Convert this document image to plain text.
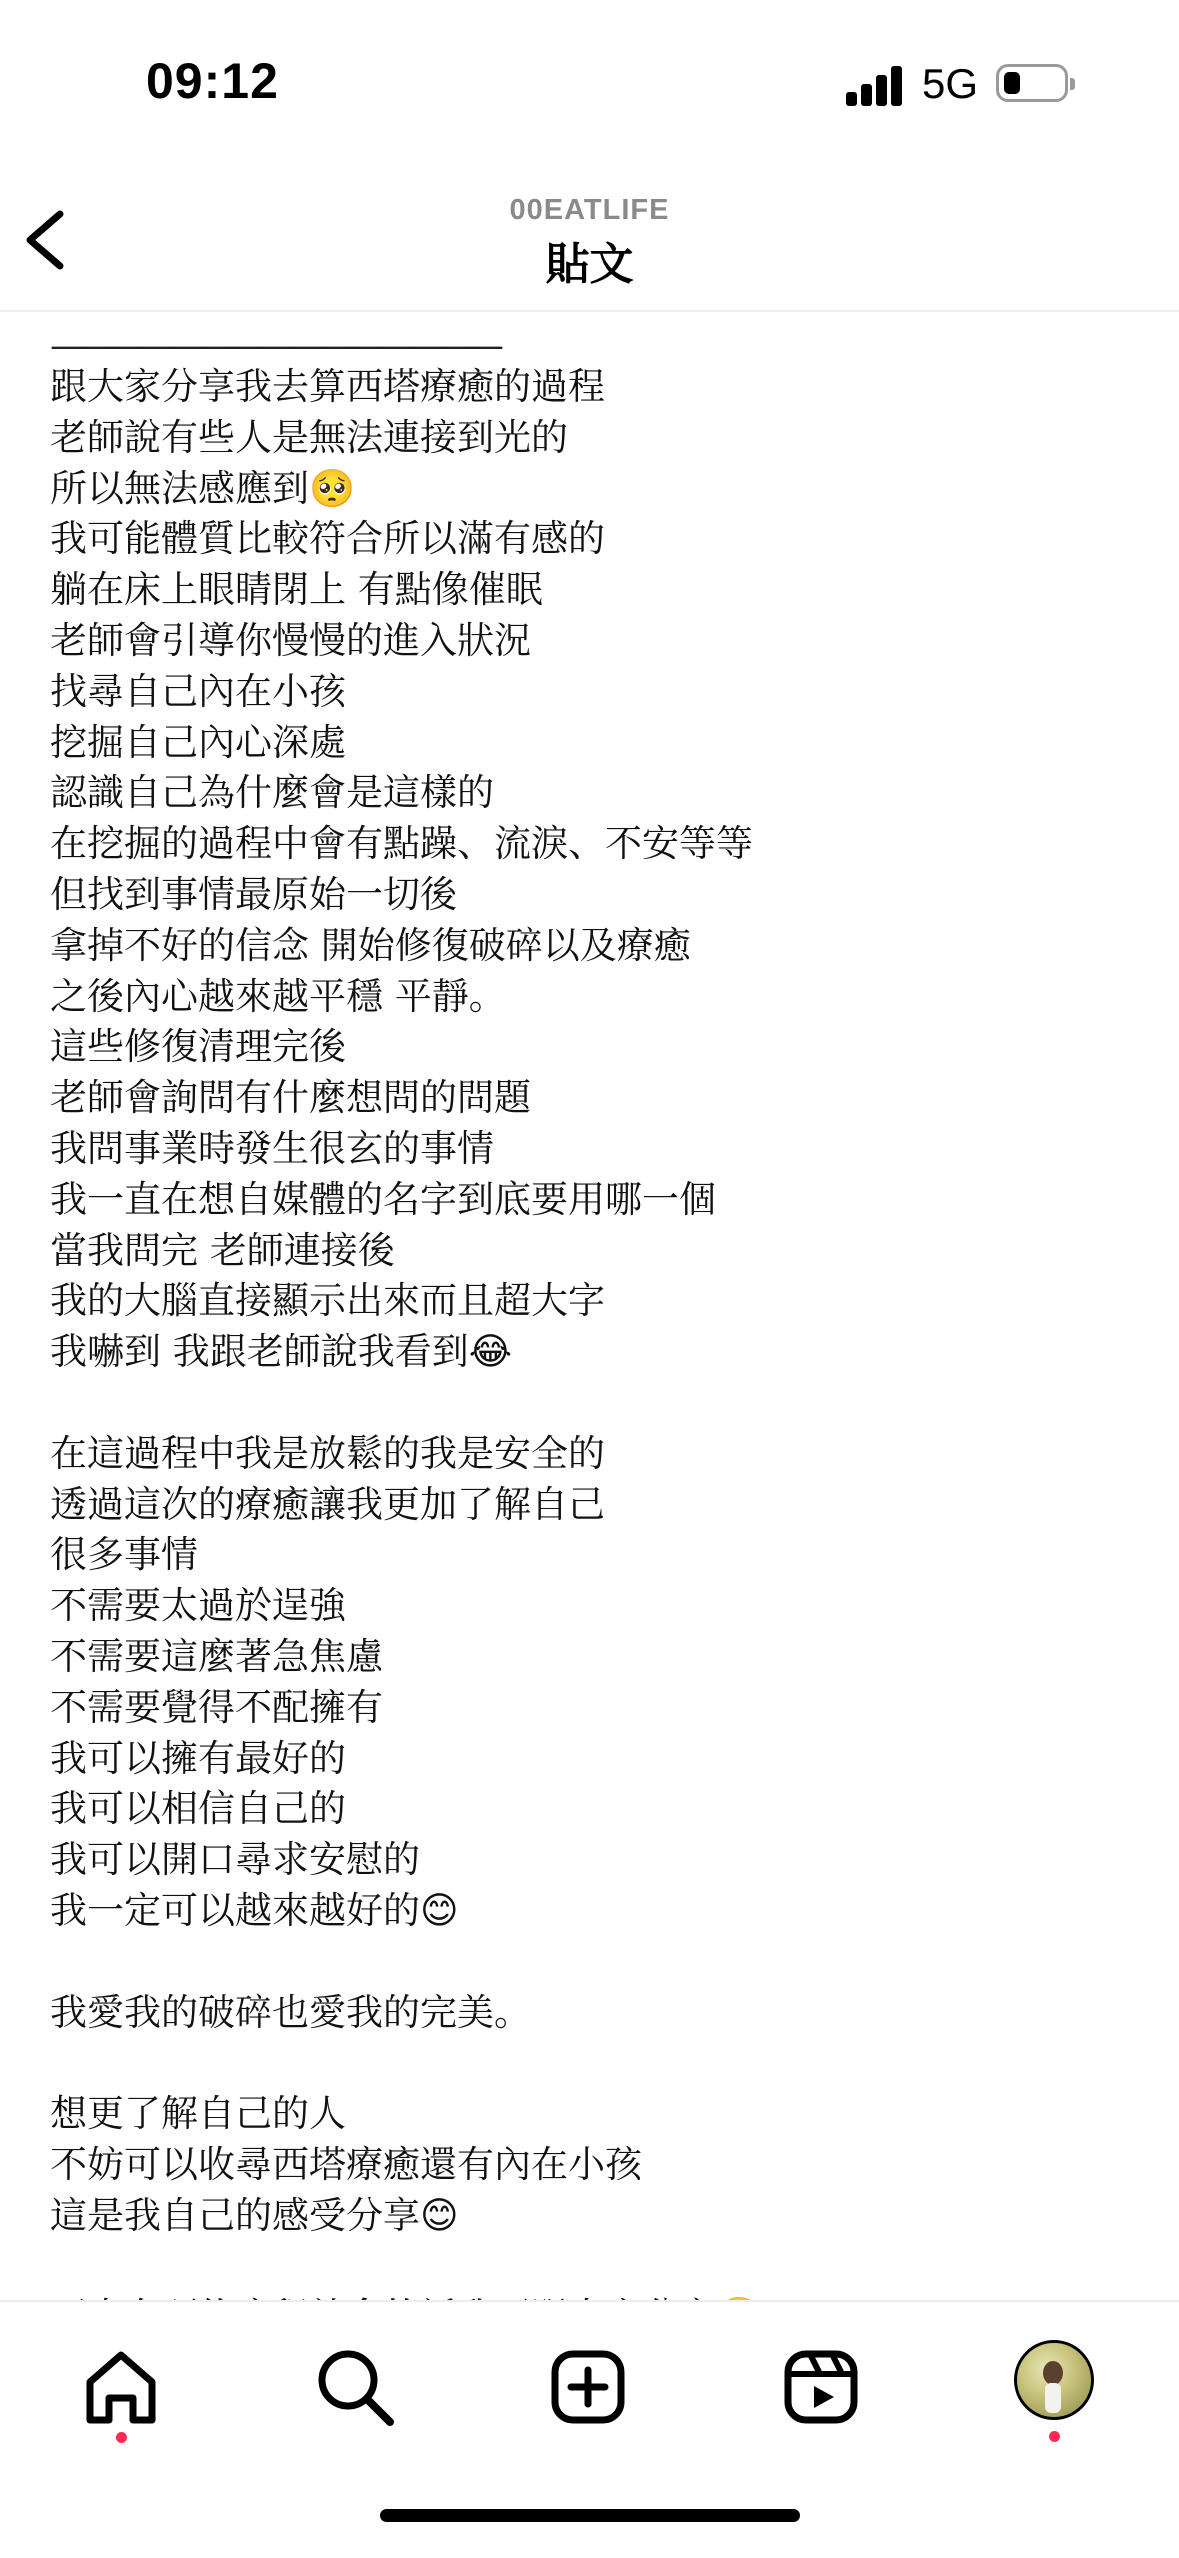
09:12	5G
00EATLIFE
貼文
———————————————
跟大家分享我去算西塔療癒的過程
老師說有些人是無法連接到光的
所以無法感應到🥺
我可能體質比較符合所以滿有感的
躺在床上眼睛閉上 有點像催眠
老師會引導你慢慢的進入狀況
找尋自己內在小孩
挖掘自己內心深處
認識自己為什麼會是這樣的
在挖掘的過程中會有點躁、流淚、不安等等
但找到事情最原始一切後
拿掉不好的信念 開始修復破碎以及療癒
之後內心越來越平穩 平靜。
這些修復清理完後
老師會詢問有什麼想問的問題
我問事業時發生很玄的事情
我一直在想自媒體的名字到底要用哪一個
當我問完 老師連接後
我的大腦直接顯示出來而且超大字
我嚇到 我跟老師說我看到😂

在這過程中我是放鬆的我是安全的
透過這次的療癒讓我更加了解自己
很多事情
不需要太過於逞強
不需要這麼著急焦慮
不需要覺得不配擁有
我可以擁有最好的
我可以相信自己的
我可以開口尋求安慰的
我一定可以越來越好的😊

我愛我的破碎也愛我的完美。

想更了解自己的人
不妨可以收尋西塔療癒還有內在小孩
這是我自己的感受分享😊
